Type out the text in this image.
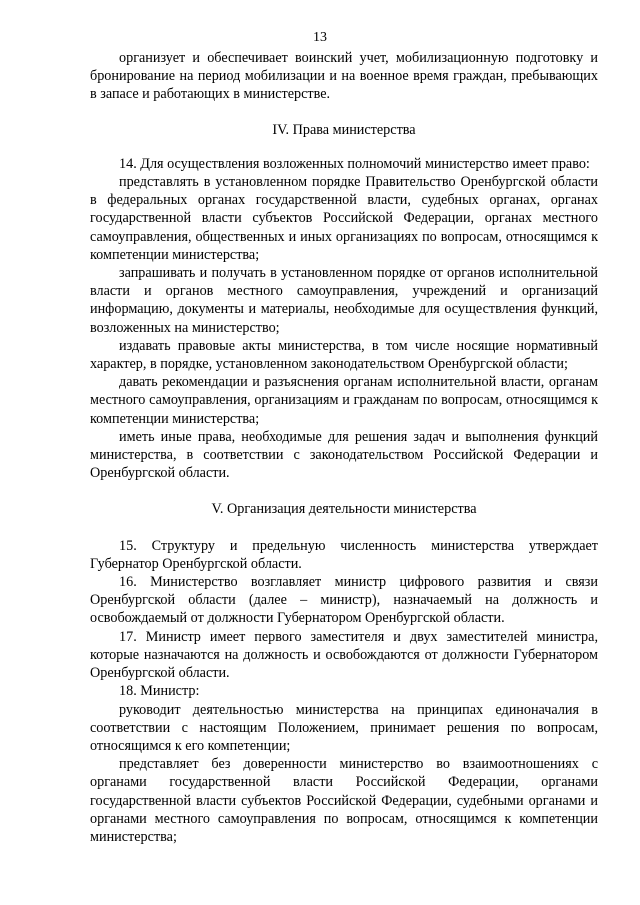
13

организует и обеспечивает воинский учет, мобилизационную подготовку и бронирование на период мобилизации и на военное время граждан, пребывающих в запасе и работающих в министерстве.

IV. Права министерства

14. Для осуществления возложенных полномочий министерство имеет право:

представлять в установленном порядке Правительство Оренбургской области в федеральных органах государственной власти, судебных органах, органах государственной власти субъектов Российской Федерации, органах местного самоуправления, общественных и иных организациях по вопросам, относящимся к компетенции министерства;

запрашивать и получать в установленном порядке от органов исполнительной власти и органов местного самоуправления, учреждений и организаций информацию, документы и материалы, необходимые для осуществления функций, возложенных на министерство;

издавать правовые акты министерства, в том числе носящие нормативный характер, в порядке, установленном законодательством Оренбургской области;

давать рекомендации и разъяснения органам исполнительной власти, органам местного самоуправления, организациям и гражданам по вопросам, относящимся к компетенции министерства;

иметь иные права, необходимые для решения задач и выполнения функций министерства, в соответствии с законодательством Российской Федерации и Оренбургской области.

V. Организация деятельности министерства

15. Структуру и предельную численность министерства утверждает Губернатор Оренбургской области.

16. Министерство возглавляет министр цифрового развития и связи Оренбургской области (далее – министр), назначаемый на должность и освобождаемый от должности Губернатором Оренбургской области.

17. Министр имеет первого заместителя и двух заместителей министра, которые назначаются на должность и освобождаются от должности Губернатором Оренбургской области.

18. Министр:

руководит деятельностью министерства на принципах единоначалия в соответствии с настоящим Положением, принимает решения по вопросам, относящимся к его компетенции;

представляет без доверенности министерство во взаимоотношениях с органами государственной власти Российской Федерации, органами государственной власти субъектов Российской Федерации, судебными органами и органами местного самоуправления по вопросам, относящимся к компетенции министерства;
